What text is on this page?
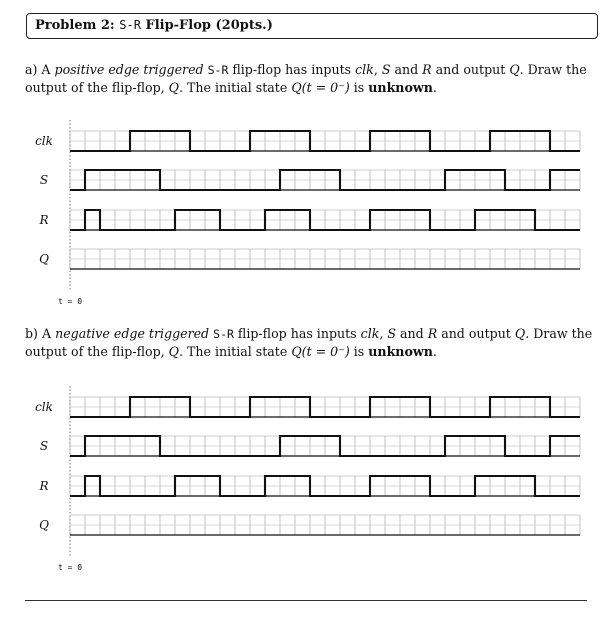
Problem 2: S-R Flip-Flop (20pts.)
a) A positive edge triggered S-R flip-flop has inputs clk, S and R and output Q. Draw the output of the flip-flop, Q. The initial state Q(t = 0⁻) is unknown.
clk
S
R
Q
t = 0
b) A negative edge triggered S-R flip-flop has inputs clk, S and R and output Q. Draw the output of the flip-flop, Q. The initial state Q(t = 0⁻) is unknown.
clk
S
R
Q
t = 0
